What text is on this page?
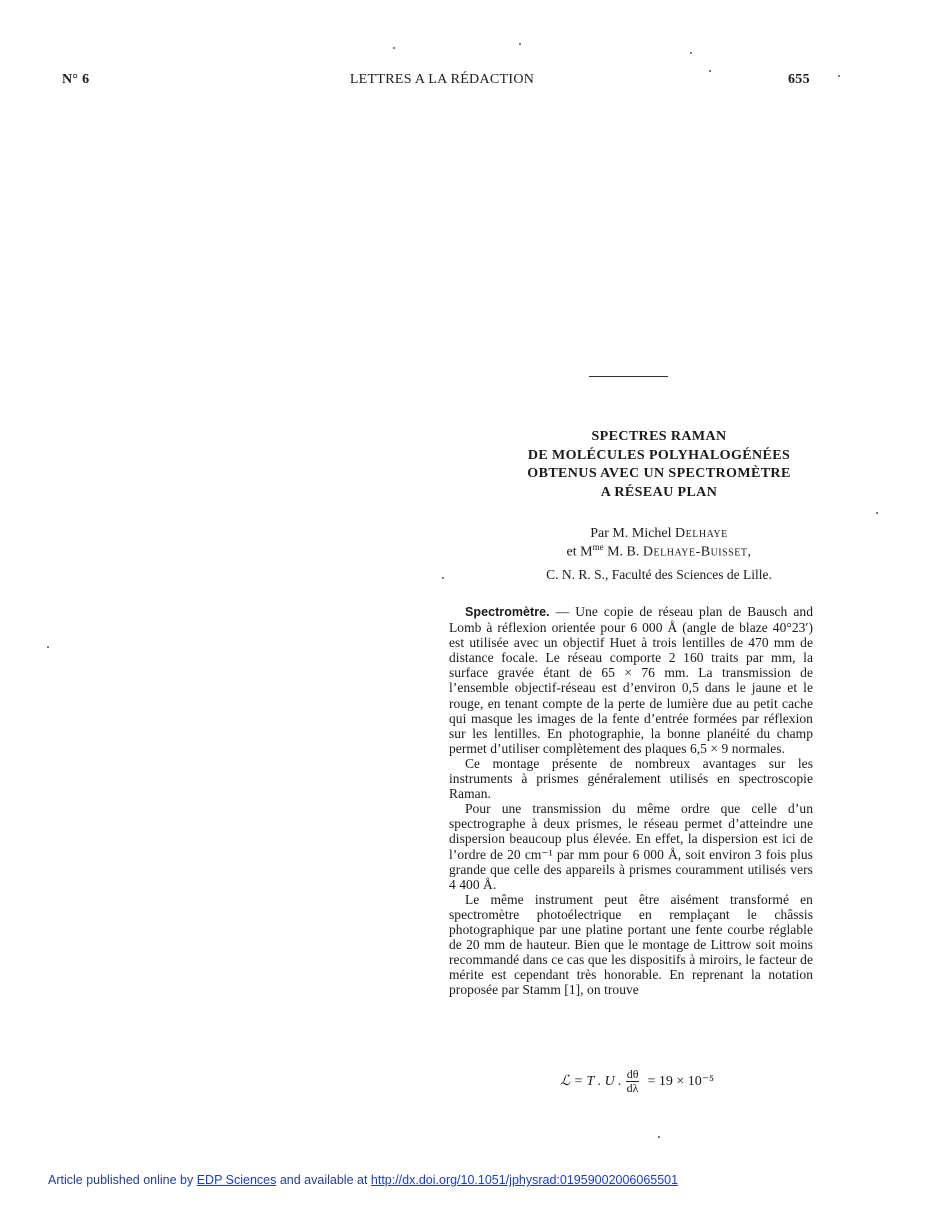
N° 6	LETTRES A LA RÉDACTION	655
SPECTRES RAMAN
DE MOLÉCULES POLYHALOGÉNÉES
OBTENUS AVEC UN SPECTROMÈTRE
A RÉSEAU PLAN
Par M. Michel Delhaye
et $M^{me}$ M. B. Delhaye-Buisset,
C. N. R. S., Faculté des Sciences de Lille.

Spectromètre. — Une copie de réseau plan de Bausch and Lomb à réflexion orientée pour 6 000 Å (angle de blaze 40°23′) est utilisée avec un objectif Huet à trois lentilles de 470 mm de distance focale. Le réseau comporte 2 160 traits par mm, la surface gravée étant de 65 × 76 mm. La transmission de l’ensemble objectif-réseau est d’environ 0,5 dans le jaune et le rouge, en tenant compte de la perte de lumière due au petit cache qui masque les images de la fente d’entrée formées par réflexion sur les lentilles. En photographie, la bonne planéité du champ permet d’utiliser complètement des plaques 6,5 × 9 normales.

Ce montage présente de nombreux avantages sur les instruments à prismes généralement utilisés en spectroscopie Raman.

Pour une transmission du même ordre que celle d’un spectrographe à deux prismes, le réseau permet d’atteindre une dispersion beaucoup plus élevée. En effet, la dispersion est ici de l’ordre de 20 cm⁻¹ par mm pour 6 000 Å, soit environ 3 fois plus grande que celle des appareils à prismes couramment utilisés vers 4 400 Å.

Le même instrument peut être aisément transformé en spectromètre photoélectrique en remplaçant le châssis photographique par une platine portant une fente courbe réglable de 20 mm de hauteur. Bien que le montage de Littrow soit moins recommandé dans ce cas que les dispositifs à miroirs, le facteur de mérite est cependant très honorable. En reprenant la notation proposée par Stamm [1], on trouve

ℒ = T . U . $\frac{d\theta}{d\lambda} = 19 \times 10^{-5}$
Article published online by EDP Sciences and available at http://dx.doi.org/10.1051/jphysrad:01959002006065501
